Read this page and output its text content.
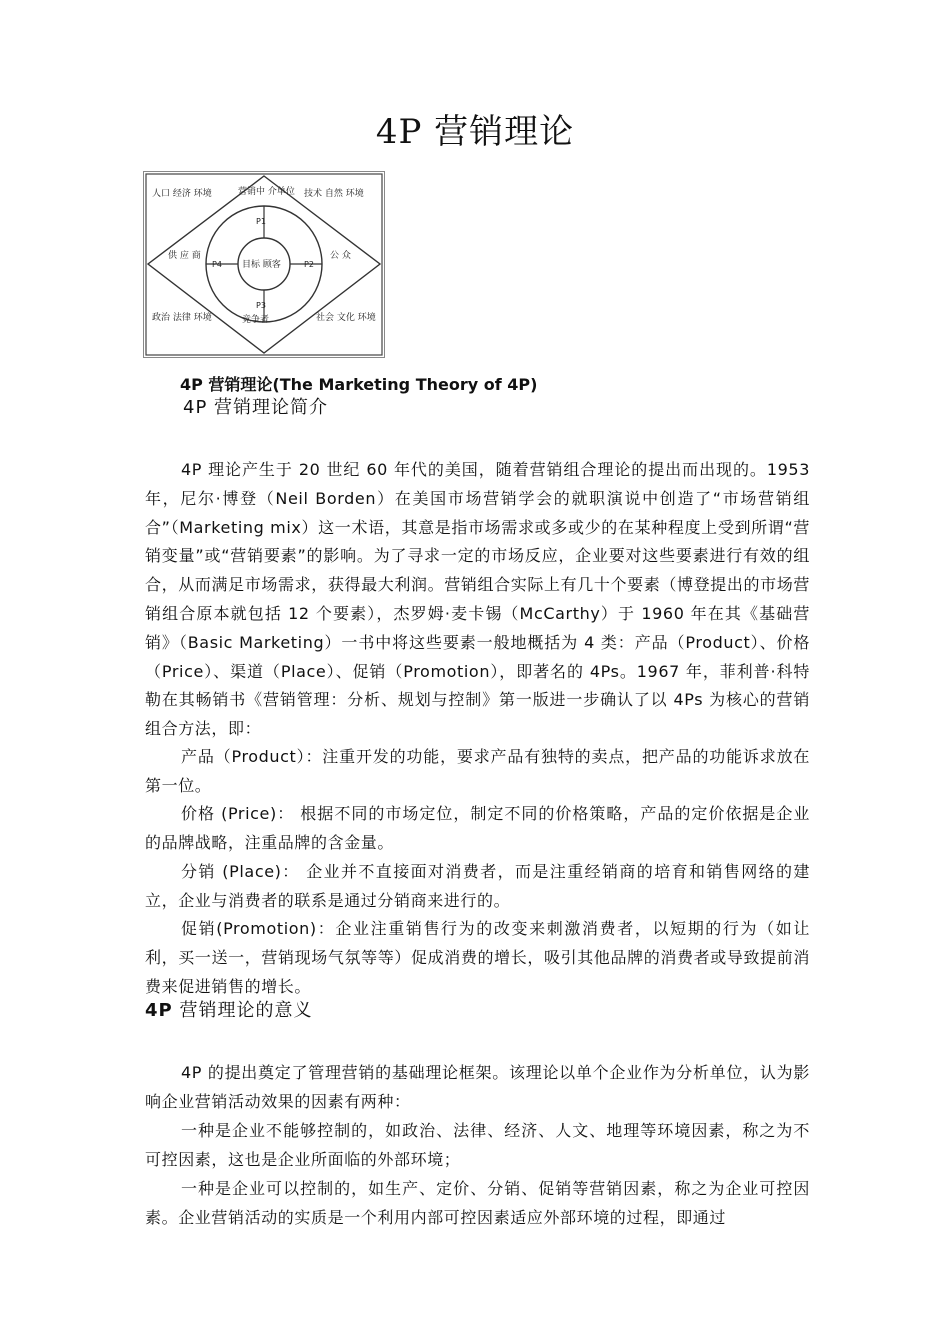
4P 营销理论
人口 经济 环境	营销中 介单位 技术 自然 环境
供 应 商	公 众
政治 法律 环境	竞争者	社会 文化 环境
目标 顾客
P1
P2
P3
P4
4P 营销理论(The Marketing Theory of 4P)
4P 营销理论简介

4P 理论产生于 20 世纪 60 年代的美国，随着营销组合理论的提出而出现的。1953 年，尼尔·博登（Neil Borden）在美国市场营销学会的就职演说中创造了“市场营销组合”（Marketing mix）这一术语，其意是指市场需求或多或少的在某种程度上受到所谓“营销变量”或“营销要素”的影响。为了寻求一定的市场反应，企业要对这些要素进行有效的组合，从而满足市场需求，获得最大利润。营销组合实际上有几十个要素（博登提出的市场营销组合原本就包括 12 个要素），杰罗姆·麦卡锡（McCarthy）于 1960 年在其《基础营销》（Basic Marketing）一书中将这些要素一般地概括为 4 类：产品（Product）、价格（Price）、渠道（Place）、促销（Promotion），即著名的 4Ps。1967 年，菲利普·科特勒在其畅销书《营销管理：分析、规划与控制》第一版进一步确认了以 4Ps 为核心的营销组合方法，即：

产品（Product）：注重开发的功能，要求产品有独特的卖点，把产品的功能诉求放在第一位。

价格 (Price)： 根据不同的市场定位，制定不同的价格策略，产品的定价依据是企业的品牌战略，注重品牌的含金量。

分销 (Place)： 企业并不直接面对消费者，而是注重经销商的培育和销售网络的建立，企业与消费者的联系是通过分销商来进行的。

促销(Promotion)：企业注重销售行为的改变来刺激消费者，以短期的行为（如让利，买一送一，营销现场气氛等等）促成消费的增长，吸引其他品牌的消费者或导致提前消费来促进销售的增长。

4P 营销理论的意义

4P 的提出奠定了管理营销的基础理论框架。该理论以单个企业作为分析单位，认为影响企业营销活动效果的因素有两种：

一种是企业不能够控制的，如政治、法律、经济、人文、地理等环境因素，称之为不可控因素，这也是企业所面临的外部环境；

一种是企业可以控制的，如生产、定价、分销、促销等营销因素，称之为企业可控因素。企业营销活动的实质是一个利用内部可控因素适应外部环境的过程，即通过
